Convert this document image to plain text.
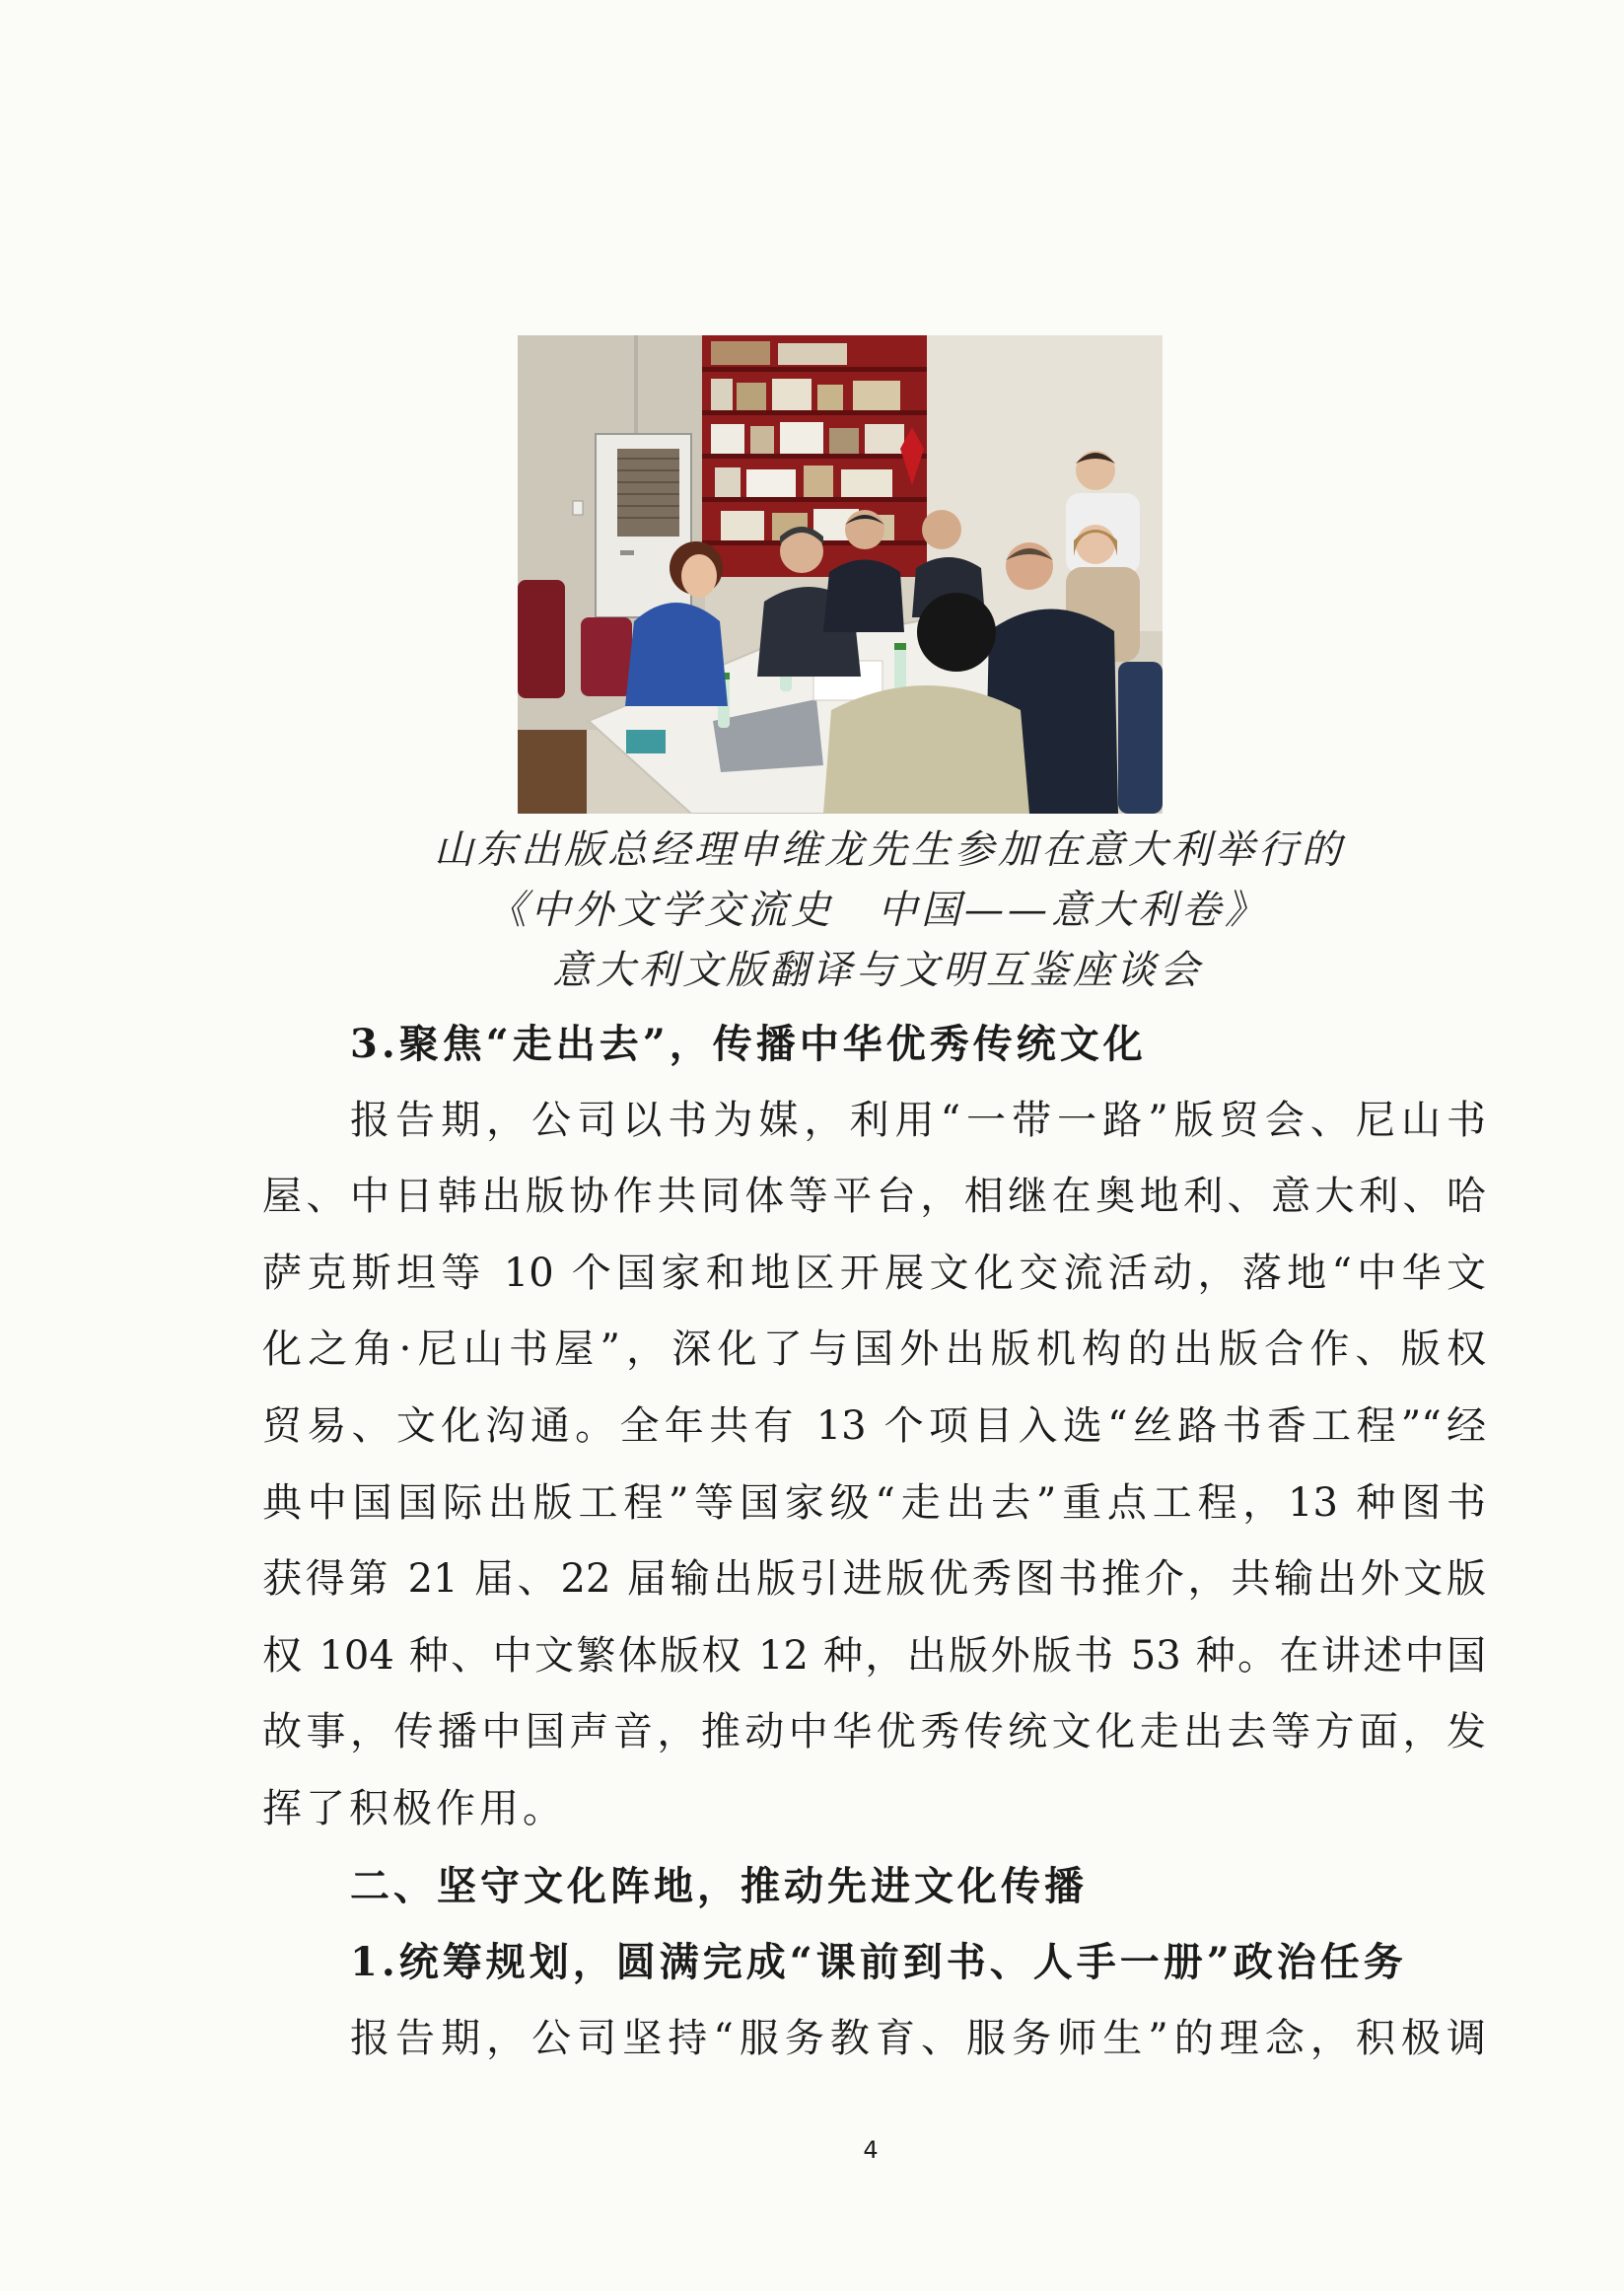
山东出版总经理申维龙先生参加在意大利举行的
《中外文学交流史　中国——意大利卷》
意大利文版翻译与文明互鉴座谈会
3.聚焦“走出去”，传播中华优秀传统文化
报告期，公司以书为媒，利用“一带一路”版贸会、尼山书
屋、中日韩出版协作共同体等平台，相继在奥地利、意大利、哈
萨克斯坦等 10 个国家和地区开展文化交流活动，落地“中华文
化之角·尼山书屋”，深化了与国外出版机构的出版合作、版权
贸易、文化沟通。全年共有 13 个项目入选“丝路书香工程”“经
典中国国际出版工程”等国家级“走出去”重点工程，13 种图书
获得第 21 届、22 届输出版引进版优秀图书推介，共输出外文版
权 104 种、中文繁体版权 12 种，出版外版书 53 种。在讲述中国
故事，传播中国声音，推动中华优秀传统文化走出去等方面，发
挥了积极作用。
二、坚守文化阵地，推动先进文化传播
1.统筹规划，圆满完成“课前到书、人手一册”政治任务
报告期，公司坚持“服务教育、服务师生”的理念，积极调
4
